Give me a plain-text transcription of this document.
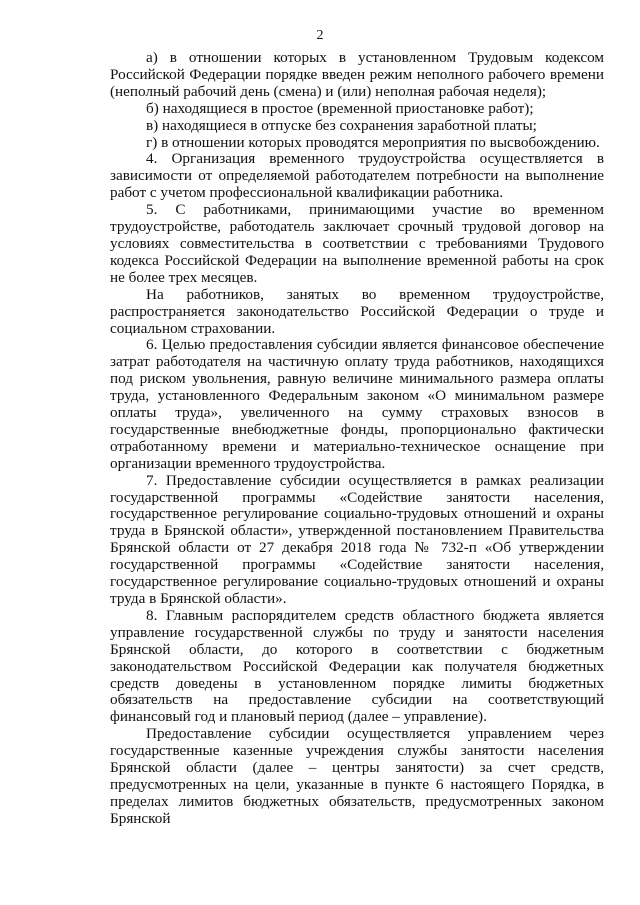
2

а) в отношении которых в установленном Трудовым кодексом Российской Федерации порядке введен режим неполного рабочего времени (неполный рабочий день (смена) и (или) неполная рабочая неделя);

б) находящиеся в простое (временной приостановке работ);

в) находящиеся в отпуске без сохранения заработной платы;

г) в отношении которых проводятся мероприятия по высвобождению.

4. Организация временного трудоустройства осуществляется в зависимости от определяемой работодателем потребности на выполнение работ с учетом профессиональной квалификации работника.

5. С работниками, принимающими участие во временном трудоустройстве, работодатель заключает срочный трудовой договор на условиях совместительства в соответствии с требованиями Трудового кодекса Российской Федерации на выполнение временной работы на срок не более трех месяцев.

На работников, занятых во временном трудоустройстве, распространяется законодательство Российской Федерации о труде и социальном страховании.

6. Целью предоставления субсидии является финансовое обеспечение затрат работодателя на частичную оплату труда работников, находящихся под риском увольнения, равную величине минимального размера оплаты труда, установленного Федеральным законом «О минимальном размере оплаты труда», увеличенного на сумму страховых взносов в государственные внебюджетные фонды, пропорционально фактически отработанному времени и материально-техническое оснащение при организации временного трудоустройства.

7. Предоставление субсидии осуществляется в рамках реализации государственной программы «Содействие занятости населения, государственное регулирование социально-трудовых отношений и охраны труда в Брянской области», утвержденной постановлением Правительства Брянской области от 27 декабря 2018 года № 732-п «Об утверждении государственной программы «Содействие занятости населения, государственное регулирование социально-трудовых отношений и охраны труда в Брянской области».

8. Главным распорядителем средств областного бюджета является управление государственной службы по труду и занятости населения Брянской области, до которого в соответствии с бюджетным законодательством Российской Федерации как получателя бюджетных средств доведены в установленном порядке лимиты бюджетных обязательств на предоставление субсидии на соответствующий финансовый год и плановый период (далее – управление).

Предоставление субсидии осуществляется управлением через государственные казенные учреждения службы занятости населения Брянской области (далее – центры занятости) за счет средств, предусмотренных на цели, указанные в пункте 6 настоящего Порядка, в пределах лимитов бюджетных обязательств, предусмотренных законом Брянской
